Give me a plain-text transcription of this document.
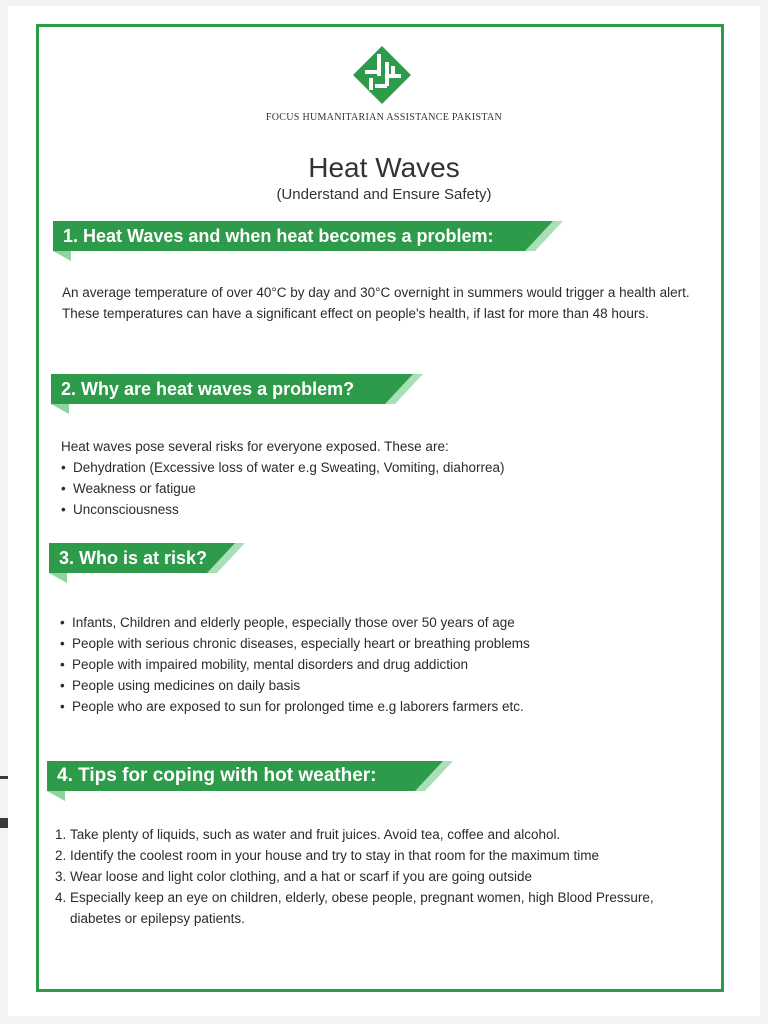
FOCUS HUMANITARIAN ASSISTANCE PAKISTAN
Heat Waves
(Understand and Ensure Safety)
1. Heat Waves and when heat becomes a problem:

An average temperature of over 40°C by day and 30°C overnight in summers would trigger a health alert. These temperatures can have a significant effect on people's health, if last for more than 48 hours.

2. Why are heat waves a problem?

Heat waves pose several risks for everyone exposed. These are:

• Dehydration (Excessive loss of water e.g Sweating, Vomiting, diahorrea)
• Weakness or fatigue
• Unconsciousness
3. Who is at risk?
• Infants, Children and elderly people, especially those over 50 years of age
• People with serious chronic diseases, especially heart or breathing problems
• People with impaired mobility, mental disorders and drug addiction
• People using medicines on daily basis
• People who are exposed to sun for prolonged time e.g laborers farmers etc.
4. Tips for coping with hot weather:
1. Take plenty of liquids, such as water and fruit juices. Avoid tea, coffee and alcohol.
2. Identify the coolest room in your house and try to stay in that room for the maximum time
3. Wear loose and light color clothing, and a hat or scarf if you are going outside
4. Especially keep an eye on children, elderly, obese people, pregnant women, high Blood Pressure, diabetes or epilepsy patients.
